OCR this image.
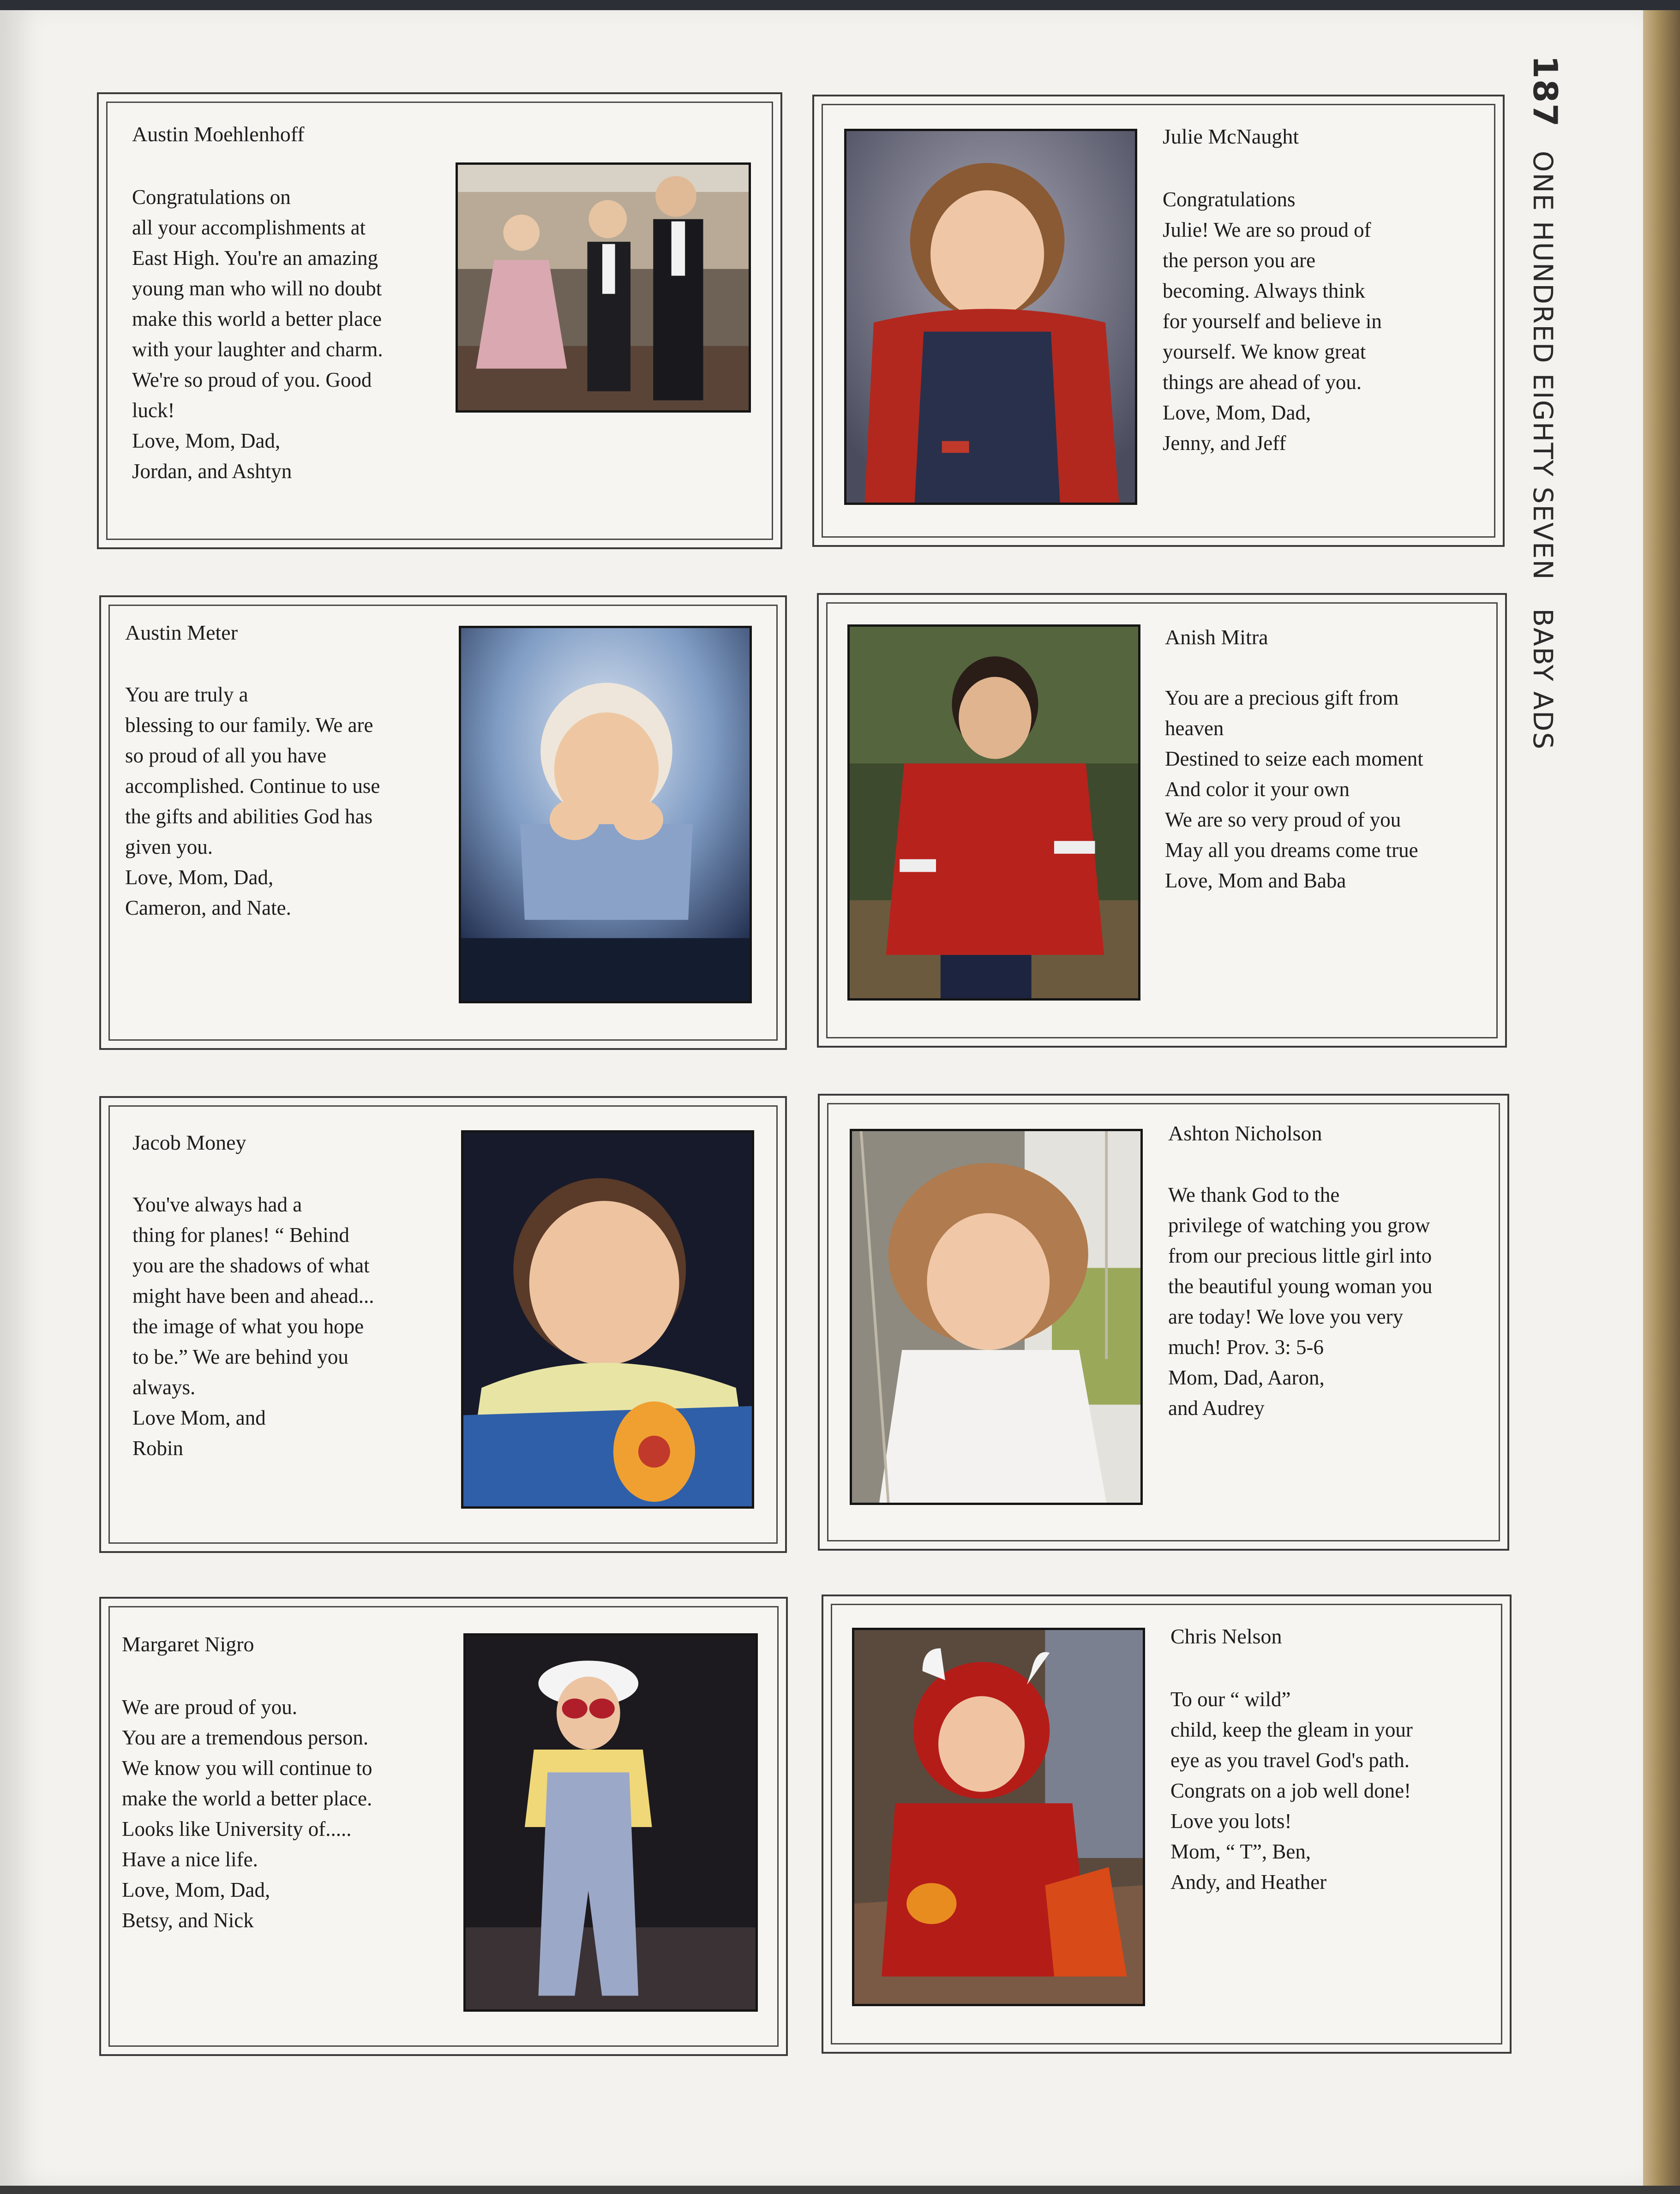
187 ONE HUNDRED EIGHTY SEVEN BABY ADS
Austin Moehlenhoff
Congratulations on
all your accomplishments at
East High. You're an amazing
young man who will no doubt
make this world a better place
with your laughter and charm.
We're so proud of you. Good
luck!
Love, Mom, Dad,
Jordan, and Ashtyn
Julie McNaught
Congratulations
Julie! We are so proud of
the person you are
becoming. Always think
for yourself and believe in
yourself. We know great
things are ahead of you.
Love, Mom, Dad,
Jenny, and Jeff
Austin Meter
You are truly a
blessing to our family. We are
so proud of all you have
accomplished. Continue to use
the gifts and abilities God has
given you.
Love, Mom, Dad,
Cameron, and Nate.
Anish Mitra
You are a precious gift from
heaven
Destined to seize each moment
And color it your own
We are so very proud of you
May all you dreams come true
Love, Mom and Baba
Jacob Money
You've always had a
thing for planes! “ Behind
you are the shadows of what
might have been and ahead...
the image of what you hope
to be.” We are behind you
always.
Love Mom, and
Robin
Ashton Nicholson
We thank God to the
privilege of watching you grow
from our precious little girl into
the beautiful young woman you
are today! We love you very
much! Prov. 3: 5-6
Mom, Dad, Aaron,
and Audrey
Margaret Nigro
We are proud of you.
You are a tremendous person.
We know you will continue to
make the world a better place.
Looks like University of.....
Have a nice life.
Love, Mom, Dad,
Betsy, and Nick
Chris Nelson
To our “ wild”
child, keep the gleam in your
eye as you travel God's path.
Congrats on a job well done!
Love you lots!
Mom, “ T”, Ben,
Andy, and Heather
